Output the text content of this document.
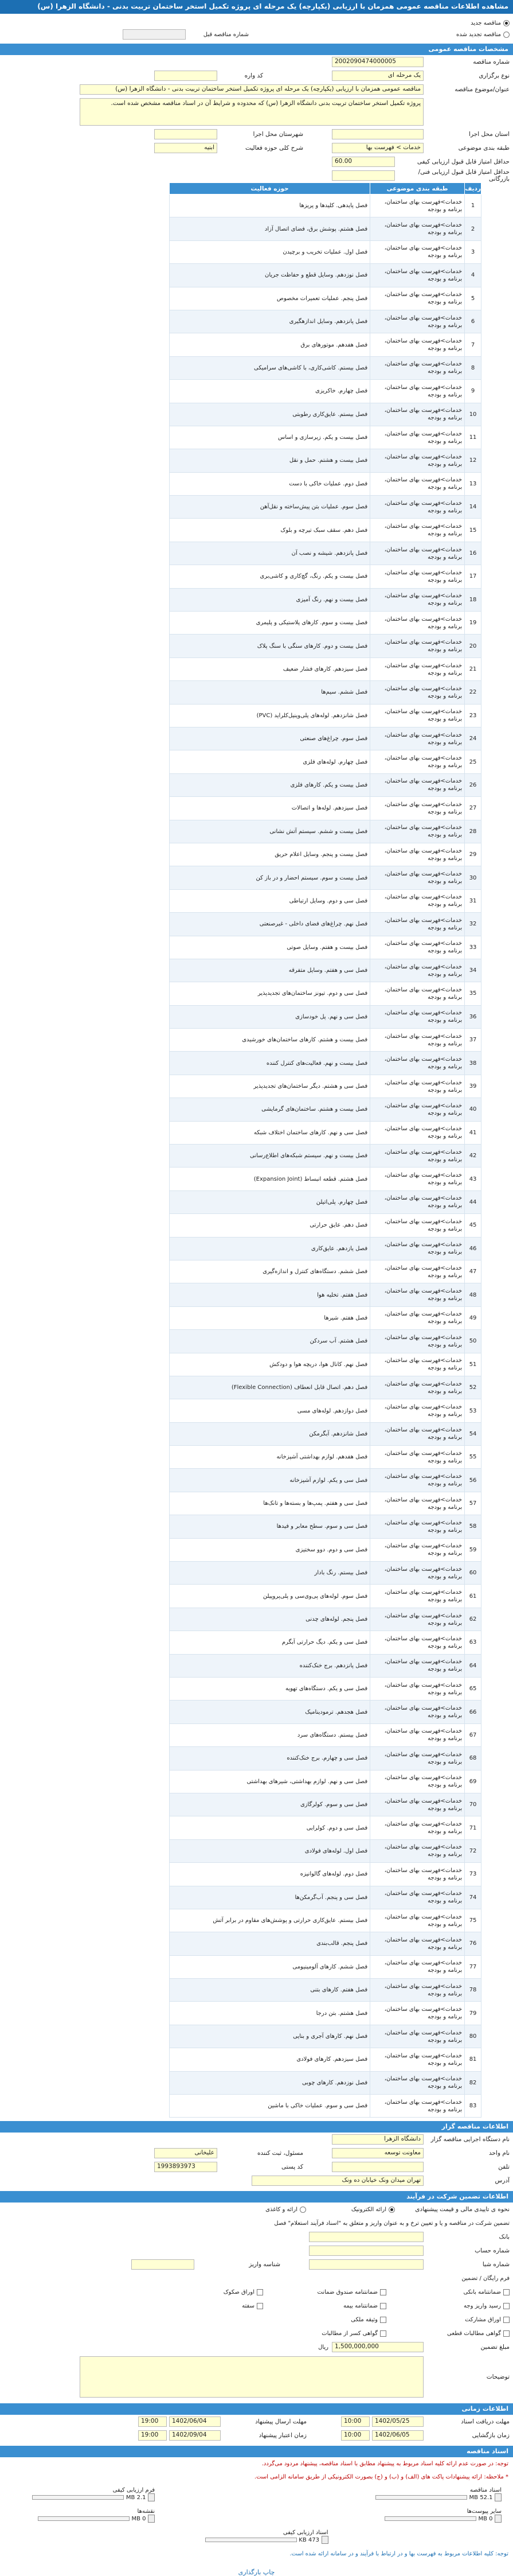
مشاهده اطلاعات مناقصه عمومی همزمان با ارزیابی (یکپارچه) یک مرحله ای پروژه تکمیل استخر ساختمان تربیت بدنی - دانشگاه الزهرا (س)
مناقصه جدید
مناقصه تجدید شده
شماره مناقصه قبل
مشخصات مناقصه عمومی
شماره مناقصه
2002090474000005
نوع برگزاری
یک مرحله ای
کد واره
عنوان/موضوع مناقصه
مناقصه عمومی همزمان با ارزیابی (یکپارچه) یک مرحله ای پروژه تکمیل استخر ساختمان تربیت بدنی - دانشگاه الزهرا (س)
پروژه تکمیل استخر ساختمان تربیت بدنی دانشگاه الزهرا (س) که محدوده و شرایط آن در اسناد مناقصه مشخص شده است.
استان محل اجرا
شهرستان محل اجرا
طبقه بندی موضوعی
خدمات > فهرست بها
شرح کلی حوزه فعالیت
ابنیه
حداقل امتیاز قابل قبول ارزیابی کیفی
60.00
حداقل امتیاز قابل قبول ارزیابی فنی/بازرگانی
ردیف	طبقه بندی موضوعی	حوزه فعالیت
1	خدمات>فهرست بهای ساختمان، برنامه و بودجه	فصل پایدهی. کلیدها و پریزها
2	خدمات>فهرست بهای ساختمان، برنامه و بودجه	فصل هشتم. پوشش برق، فضای اتصال آزاد
3	خدمات>فهرست بهای ساختمان، برنامه و بودجه	فصل اول. عملیات تخریب و برچیدن
4	خدمات>فهرست بهای ساختمان، برنامه و بودجه	فصل نوزدهم. وسایل قطع و حفاظت جریان
5	خدمات>فهرست بهای ساختمان، برنامه و بودجه	فصل پنجم. عملیات تعمیرات مخصوص
6	خدمات>فهرست بهای ساختمان، برنامه و بودجه	فصل پانزدهم. وسایل اندازهگیری
7	خدمات>فهرست بهای ساختمان، برنامه و بودجه	فصل هفدهم. موتورهای برق
8	خدمات>فهرست بهای ساختمان، برنامه و بودجه	فصل بیستم. کاشی‌کاری، با کاشی‌های سرامیکی
9	خدمات>فهرست بهای ساختمان، برنامه و بودجه	فصل چهارم. خاکریزی
10	خدمات>فهرست بهای ساختمان، برنامه و بودجه	فصل بیستم. عایق‌کاری رطوبتی
11	خدمات>فهرست بهای ساختمان، برنامه و بودجه	فصل بیست و یکم. زیرسازی و اساس
12	خدمات>فهرست بهای ساختمان، برنامه و بودجه	فصل بیست و هشتم. حمل و نقل
13	خدمات>فهرست بهای ساختمان، برنامه و بودجه	فصل دوم. عملیات خاکی با دست
14	خدمات>فهرست بهای ساختمان، برنامه و بودجه	فصل سوم. عملیات بتن پیش‌ساخته و نقل‌آهن
15	خدمات>فهرست بهای ساختمان، برنامه و بودجه	فصل دهم. سقف سبک تیرچه و بلوک
16	خدمات>فهرست بهای ساختمان، برنامه و بودجه	فصل پانزدهم. شیشه و نصب آن
17	خدمات>فهرست بهای ساختمان، برنامه و بودجه	فصل بیست و یکم. رنگ، گچ‌کاری و کاشی‌بری
18	خدمات>فهرست بهای ساختمان، برنامه و بودجه	فصل بیست و نهم. رنگ آمیزی
19	خدمات>فهرست بهای ساختمان، برنامه و بودجه	فصل بیست و سوم. کارهای پلاستیکی و پلیمری
20	خدمات>فهرست بهای ساختمان، برنامه و بودجه	فصل بیست و دوم. کارهای سنگی با سنگ پلاک
21	خدمات>فهرست بهای ساختمان، برنامه و بودجه	فصل سیزدهم. کارهای فشار ضعیف
22	خدمات>فهرست بهای ساختمان، برنامه و بودجه	فصل ششم. سیم‌ها
23	خدمات>فهرست بهای ساختمان، برنامه و بودجه	فصل شانزدهم. لوله‌های پلی‌وینیل‌کلراید (PVC)
24	خدمات>فهرست بهای ساختمان، برنامه و بودجه	فصل سوم. چراغ‌های صنعتی
25	خدمات>فهرست بهای ساختمان، برنامه و بودجه	فصل چهارم. لوله‌های فلزی
26	خدمات>فهرست بهای ساختمان، برنامه و بودجه	فصل بیست و یکم. کارهای فلزی
27	خدمات>فهرست بهای ساختمان، برنامه و بودجه	فصل سیزدهم. لوله‌ها و اتصالات
28	خدمات>فهرست بهای ساختمان، برنامه و بودجه	فصل بیست و ششم. سیستم آتش نشانی
29	خدمات>فهرست بهای ساختمان، برنامه و بودجه	فصل بیست و پنجم. وسایل اعلام حریق
30	خدمات>فهرست بهای ساختمان، برنامه و بودجه	فصل بیست و سوم. سیستم احضار و در باز کن
31	خدمات>فهرست بهای ساختمان، برنامه و بودجه	فصل سی و دوم. وسایل ارتباطی
32	خدمات>فهرست بهای ساختمان، برنامه و بودجه	فصل نهم. چراغ‌های فضای داخلی - غیرصنعتی
33	خدمات>فهرست بهای ساختمان، برنامه و بودجه	فصل بیست و هفتم. وسایل صوتی
34	خدمات>فهرست بهای ساختمان، برنامه و بودجه	فصل سی و هفتم. وسایل متفرقه
35	خدمات>فهرست بهای ساختمان، برنامه و بودجه	فصل سی و دوم. تیونز ساختمان‌های تجدیدپذیر
36	خدمات>فهرست بهای ساختمان، برنامه و بودجه	فصل سی و نهم. پل خودسازی
37	خدمات>فهرست بهای ساختمان، برنامه و بودجه	فصل بیست و هشتم. کارهای ساختمان‌های خورشیدی
38	خدمات>فهرست بهای ساختمان، برنامه و بودجه	فصل بیست و نهم. فعالیت‌های کنترل کننده
39	خدمات>فهرست بهای ساختمان، برنامه و بودجه	فصل سی و هشتم. دیگر ساختمان‌های تجدیدپذیر
40	خدمات>فهرست بهای ساختمان، برنامه و بودجه	فصل بیست و هشتم. ساختمان‌های گرمایشی
41	خدمات>فهرست بهای ساختمان، برنامه و بودجه	فصل سی و نهم. کارهای ساختمان اختلاف شبکه
42	خدمات>فهرست بهای ساختمان، برنامه و بودجه	فصل بیست و نهم. سیستم شبکه‌های اطلاع‌رسانی
43	خدمات>فهرست بهای ساختمان، برنامه و بودجه	فصل هشتم. قطعه انبساط (Expansion Joint)
44	خدمات>فهرست بهای ساختمان، برنامه و بودجه	فصل چهارم. پلی‌اتیلن
45	خدمات>فهرست بهای ساختمان، برنامه و بودجه	فصل دهم. عایق حرارتی
46	خدمات>فهرست بهای ساختمان، برنامه و بودجه	فصل یازدهم. عایق‌کاری
47	خدمات>فهرست بهای ساختمان، برنامه و بودجه	فصل ششم. دستگاه‌های کنترل و اندازه‌گیری
48	خدمات>فهرست بهای ساختمان، برنامه و بودجه	فصل هفتم. تخلیه هوا
49	خدمات>فهرست بهای ساختمان، برنامه و بودجه	فصل هفتم. شیرها
50	خدمات>فهرست بهای ساختمان، برنامه و بودجه	فصل هشتم. آب سردکن
51	خدمات>فهرست بهای ساختمان، برنامه و بودجه	فصل نهم. کانال هوا، دریچه هوا و دودکش
52	خدمات>فهرست بهای ساختمان، برنامه و بودجه	فصل دهم. اتصال قابل انعطاف (Flexible Connection)
53	خدمات>فهرست بهای ساختمان، برنامه و بودجه	فصل دوازدهم. لوله‌های مسی
54	خدمات>فهرست بهای ساختمان، برنامه و بودجه	فصل شانزدهم. آبگرمکن
55	خدمات>فهرست بهای ساختمان، برنامه و بودجه	فصل هفدهم. لوازم بهداشتی آشپزخانه
56	خدمات>فهرست بهای ساختمان، برنامه و بودجه	فصل سی و یکم. لوازم آشپزخانه
57	خدمات>فهرست بهای ساختمان، برنامه و بودجه	فصل سی و هفتم. پمپ‌ها و بسته‌ها و تانک‌ها
58	خدمات>فهرست بهای ساختمان، برنامه و بودجه	فصل سی و سوم. سطح معابر و فیدها
59	خدمات>فهرست بهای ساختمان، برنامه و بودجه	فصل سی و دوم. دوو سختیزی
60	خدمات>فهرست بهای ساختمان، برنامه و بودجه	فصل بیستم. رنگ بادار
61	خدمات>فهرست بهای ساختمان، برنامه و بودجه	فصل سوم. لوله‌های پی‌وی‌سی و پلی‌پروپیلن
62	خدمات>فهرست بهای ساختمان، برنامه و بودجه	فصل پنجم. لوله‌های چدنی
63	خدمات>فهرست بهای ساختمان، برنامه و بودجه	فصل سی و یکم. دیگ حرارتی آبگرم
64	خدمات>فهرست بهای ساختمان، برنامه و بودجه	فصل پانزدهم. برج خنک‌کننده
65	خدمات>فهرست بهای ساختمان، برنامه و بودجه	فصل سی و یکم. دستگاه‌های تهویه
66	خدمات>فهرست بهای ساختمان، برنامه و بودجه	فصل هجدهم. ترمودینامیک
67	خدمات>فهرست بهای ساختمان، برنامه و بودجه	فصل بیستم. دستگاه‌های سرد
68	خدمات>فهرست بهای ساختمان، برنامه و بودجه	فصل سی و چهارم. برج خنک‌کننده
69	خدمات>فهرست بهای ساختمان، برنامه و بودجه	فصل سی و نهم. لوازم بهداشتی، شیرهای بهداشتی
70	خدمات>فهرست بهای ساختمان، برنامه و بودجه	فصل سی و سوم. کولرگازی
71	خدمات>فهرست بهای ساختمان، برنامه و بودجه	فصل سی و دوم. کولرابی
72	خدمات>فهرست بهای ساختمان، برنامه و بودجه	فصل اول. لوله‌های فولادی
73	خدمات>فهرست بهای ساختمان، برنامه و بودجه	فصل دوم. لوله‌های گالوانیزه
74	خدمات>فهرست بهای ساختمان، برنامه و بودجه	فصل سی و پنجم. آب‌گرمکن‌ها
75	خدمات>فهرست بهای ساختمان، برنامه و بودجه	فصل بیستم. عایق‌کاری حرارتی و پوشش‌های مقاوم در برابر آتش
76	خدمات>فهرست بهای ساختمان، برنامه و بودجه	فصل پنجم. قالب‌بندی
77	خدمات>فهرست بهای ساختمان، برنامه و بودجه	فصل ششم. کارهای آلومینیومی
78	خدمات>فهرست بهای ساختمان، برنامه و بودجه	فصل هفتم. کارهای بتنی
79	خدمات>فهرست بهای ساختمان، برنامه و بودجه	فصل هشتم. بتن درجا
80	خدمات>فهرست بهای ساختمان، برنامه و بودجه	فصل نهم. کارهای آجری و بنایی
81	خدمات>فهرست بهای ساختمان، برنامه و بودجه	فصل سیزدهم. کارهای فولادی
82	خدمات>فهرست بهای ساختمان، برنامه و بودجه	فصل نوزدهم. کارهای چوبی
83	خدمات>فهرست بهای ساختمان، برنامه و بودجه	فصل سی و سوم. عملیات خاکی با ماشین
اطلاعات مناقصه گزار
نام دستگاه اجرایی مناقصه گزار
دانشگاه الزهرا
نام واحد
معاونت توسعه
مسئول، ثبت کننده
علیخانی
تلفن
کد پستی
1993893973
آدرس
تهران میدان ونک خیابان ده ونک
اطلاعات تضمین شرکت در فرآیند
نحوه ی تاییدی مالی و قیمت پیشنهادی
ارائه الکترونیک
ارائه و کاغذی
تضمین شرکت در مناقصه و یا و تعیین ترخ و به عنوان واریز و متعلق به "اسناد فرآیند استعلام" فصل
بانک
شماره حساب
شماره شبا
شناسه واریز
فرم رایگان / تضمین
ضمانتنامه بانکی
ضمانتنامه صندوق ضمانت
اوراق صکوک
رسید واریز وجه
ضمانتنامه بیمه
سفته
اوراق مشارکت
وثیقه ملکی
گواهی مطالبات قطعی
گواهی کسر از مطالبات
مبلغ تضمین
1,500,000,000
ریال
توضیحات
اطلاعات زمانی
مهلت دریافت اسناد
1402/05/25
10:00
مهلت ارسال پیشنهاد
1402/06/04
19:00
زمان بازگشایی
1402/06/05
10:00
زمان اعتبار پیشنهاد
1402/09/04
19:00
اسناد مناقصه
توجه: در صورت عدم ارائه کلیه اسناد مربوط به پیشنهاد مطابق با اسناد مناقصه، پیشنهاد مردود می‌گردد.
* ملاحظه: ارائه پیشنهادات پاکت های (الف) و (ب) و (ج) بصورت الکترونیکی از طریق سامانه الزامی است.
اسناد مناقصه
52.1 MB
فرم ارزیابی کیفی
2.1 MB
سایر پیوست‌ها
0 MB
نقشه‌ها
0 MB
اسناد ارزیابی کیفی
473 KB
توجه: کلیه اطلاعات مربوط به فهرست بها و در ارتباط با فرآیند و در سامانه ارائه شده است.
چاپ بارگذاری
